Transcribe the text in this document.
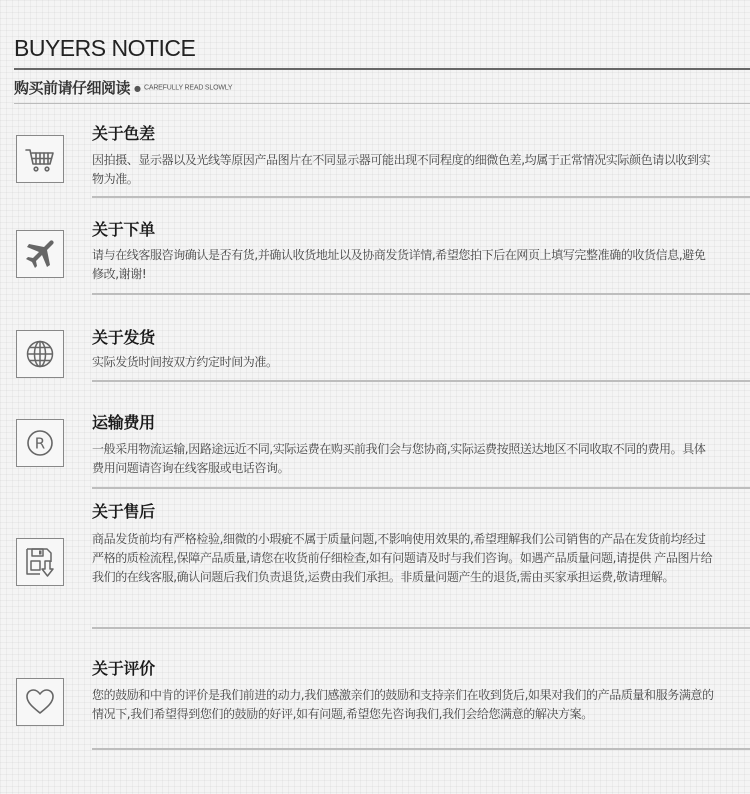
BUYERS NOTICE
购买前请仔细阅读 ● CAREFULLY READ SLOWLY
关于色差

因拍摄、显示器以及光线等原因产品图片在不同显示器可能出现不同程度的细微色差,均属于正常情况实际颜色请以收到实物为准。

关于下单

请与在线客服咨询确认是否有货,并确认收货地址以及协商发货详情,希望您拍下后在网页上填写完整准确的收货信息,避免修改,谢谢!

关于发货

实际发货时间按双方约定时间为准。

R
运输费用

一般采用物流运输,因路途远近不同,实际运费在购买前我们会与您协商,实际运费按照送达地区不同收取不同的费用。具体费用问题请咨询在线客服或电话咨询。

关于售后

商品发货前均有严格检验,细微的小瑕疵不属于质量问题,不影响使用效果的,希望理解我们公司销售的产品在发货前均经过严格的质检流程,保障产品质量,请您在收货前仔细检查,如有问题请及时与我们咨询。如遇产品质量问题,请提供 产品图片给我们的在线客服,确认问题后我们负责退货,运费由我们承担。非质量问题产生的退货,需由买家承担运费,敬请理解。

关于评价

您的鼓励和中肯的评价是我们前进的动力,我们感激亲们的鼓励和支持亲们在收到货后,如果对我们的产品质量和服务满意的情况下,我们希望得到您们的鼓励的好评,如有问题,希望您先咨询我们,我们会给您满意的解决方案。
